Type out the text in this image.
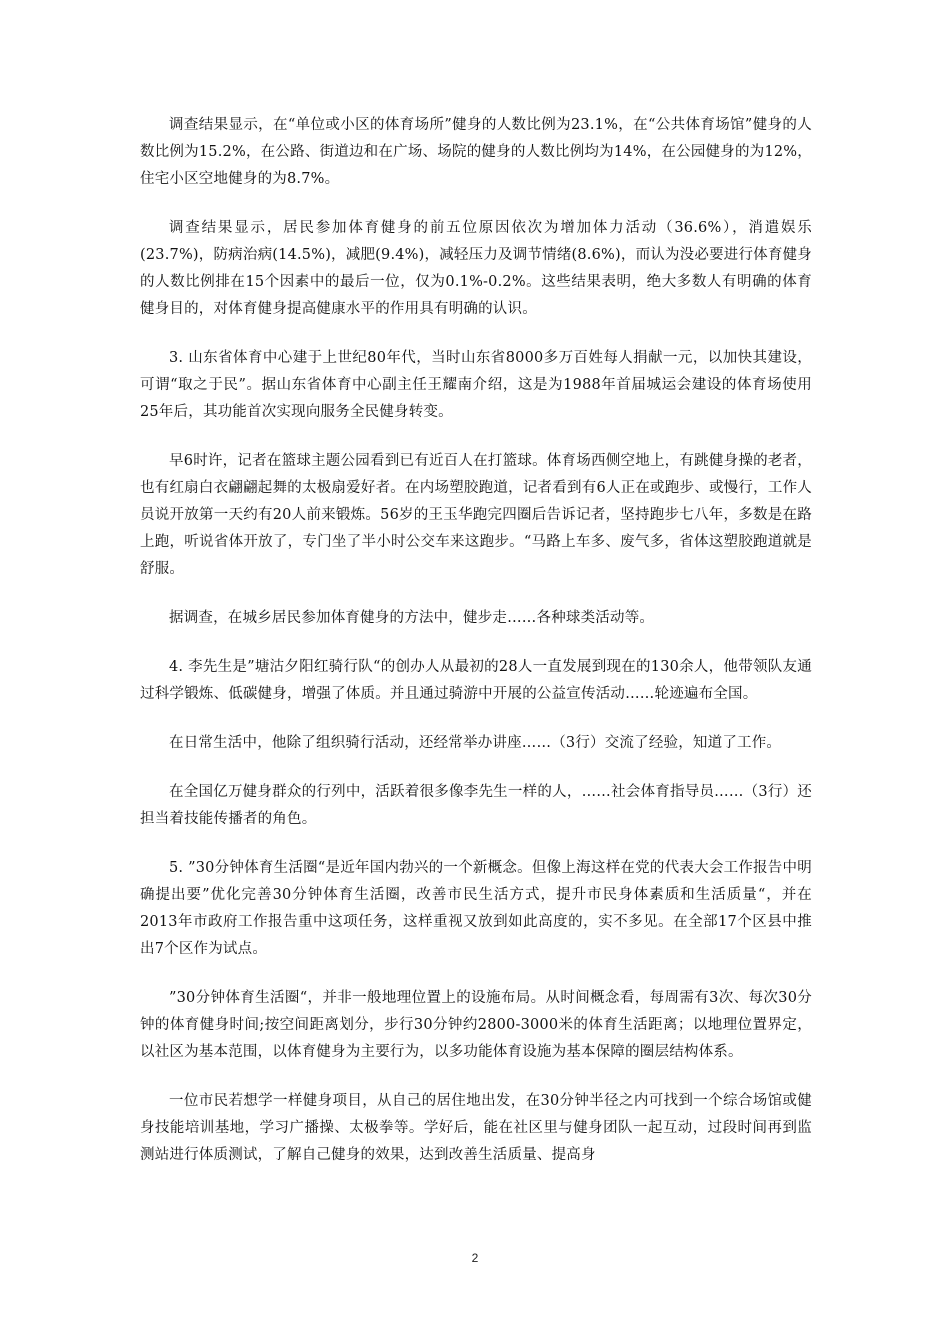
调查结果显示，在“单位或小区的体育场所”健身的人数比例为23.1%，在“公共体育场馆”健身的人数比例为15.2%，在公路、街道边和在广场、场院的健身的人数比例均为14%，在公园健身的为12%，住宅小区空地健身的为8.7%。

调查结果显示，居民参加体育健身的前五位原因依次为增加体力活动（36.6%），消遣娱乐(23.7%)，防病治病(14.5%)，减肥(9.4%)，减轻压力及调节情绪(8.6%)，而认为没必要进行体育健身的人数比例排在15个因素中的最后一位，仅为0.1%-0.2%。这些结果表明，绝大多数人有明确的体育健身目的，对体育健身提高健康水平的作用具有明确的认识。

3. 山东省体育中心建于上世纪80年代，当时山东省8000多万百姓每人捐献一元，以加快其建设，可谓“取之于民”。据山东省体育中心副主任王耀南介绍，这是为1988年首届城运会建设的体育场使用25年后，其功能首次实现向服务全民健身转变。

早6时许，记者在篮球主题公园看到已有近百人在打篮球。体育场西侧空地上，有跳健身操的老者，也有红扇白衣翩翩起舞的太极扇爱好者。在内场塑胶跑道，记者看到有6人正在或跑步、或慢行，工作人员说开放第一天约有20人前来锻炼。56岁的王玉华跑完四圈后告诉记者，坚持跑步七八年，多数是在路上跑，听说省体开放了，专门坐了半小时公交车来这跑步。“马路上车多、废气多，省体这塑胶跑道就是舒服。

据调查，在城乡居民参加体育健身的方法中，健步走……各种球类活动等。

4. 李先生是”塘沽夕阳红骑行队“的创办人从最初的28人一直发展到现在的130余人，他带领队友通过科学锻炼、低碳健身，增强了体质。并且通过骑游中开展的公益宣传活动……轮迹遍布全国。

在日常生活中，他除了组织骑行活动，还经常举办讲座……（3行）交流了经验，知道了工作。

在全国亿万健身群众的行列中，活跃着很多像李先生一样的人，……社会体育指导员……（3行）还担当着技能传播者的角色。

5. ”30分钟体育生活圈“是近年国内勃兴的一个新概念。但像上海这样在党的代表大会工作报告中明确提出要”优化完善30分钟体育生活圈，改善市民生活方式，提升市民身体素质和生活质量“，并在2013年市政府工作报告重中这项任务，这样重视又放到如此高度的，实不多见。在全部17个区县中推出7个区作为试点。

”30分钟体育生活圈“，并非一般地理位置上的设施布局。从时间概念看，每周需有3次、每次30分钟的体育健身时间;按空间距离划分，步行30分钟约2800-3000米的体育生活距离；以地理位置界定，以社区为基本范围，以体育健身为主要行为，以多功能体育设施为基本保障的圈层结构体系。

一位市民若想学一样健身项目，从自己的居住地出发，在30分钟半径之内可找到一个综合场馆或健身技能培训基地，学习广播操、太极拳等。学好后，能在社区里与健身团队一起互动，过段时间再到监测站进行体质测试，了解自己健身的效果，达到改善生活质量、提高身

2
